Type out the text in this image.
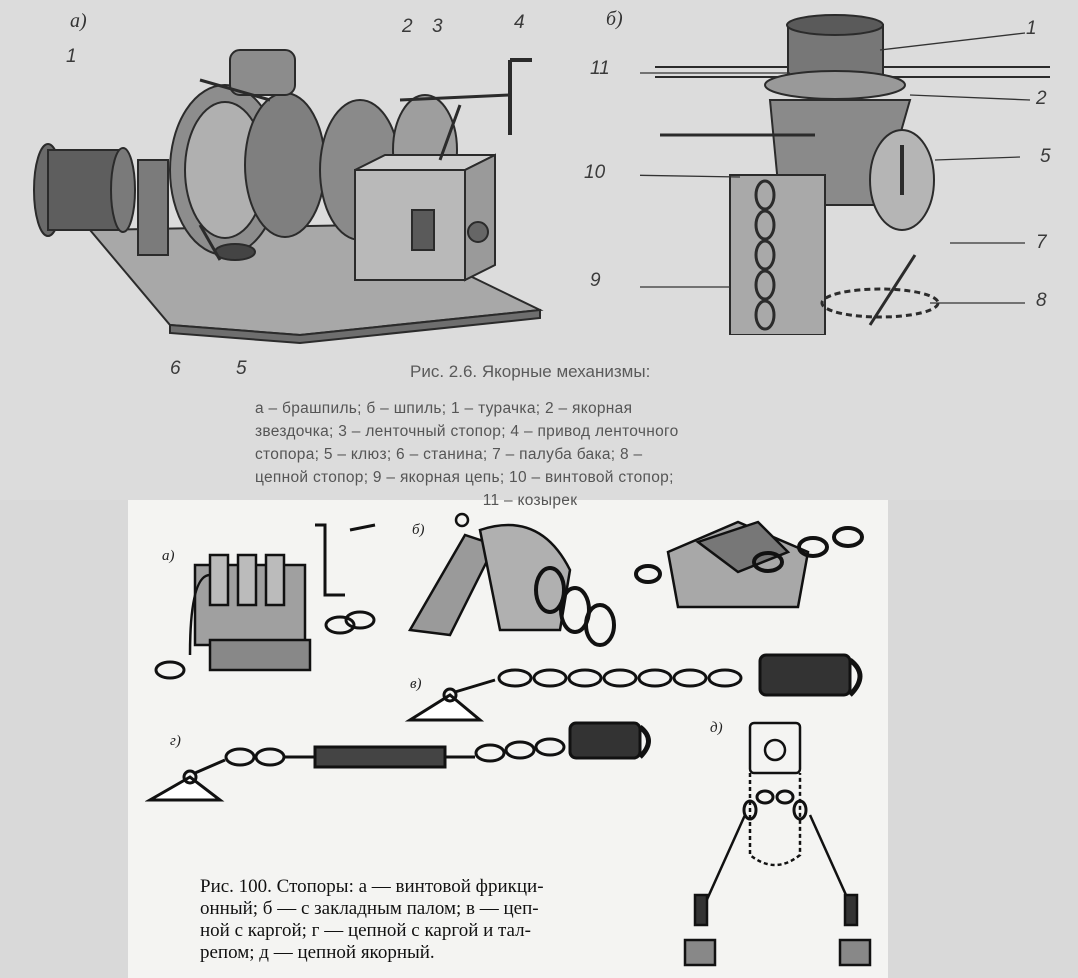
а)
1
2 3	4
6	5
б)	1
11
2
5
10
7
9
8
Рис. 2.6. Якорные механизмы:
а – брашпиль; б – шпиль; 1 – турачка; 2 – якорная
звездочка; 3 – ленточный стопор; 4 – привод ленточного
стопора; 5 – клюз; 6 – станина; 7 – палуба бака; 8 –
цепной стопор; 9 – якорная цепь; 10 – винтовой стопор;
11 – козырек
а)
б)
в)
г)
д)
Рис. 100. Стопоры: а — винтовой фрикци-
онный; б — с закладным палом; в — цеп-
ной с каргой; г — цепной с каргой и тал-
репом; д — цепной якорный.
